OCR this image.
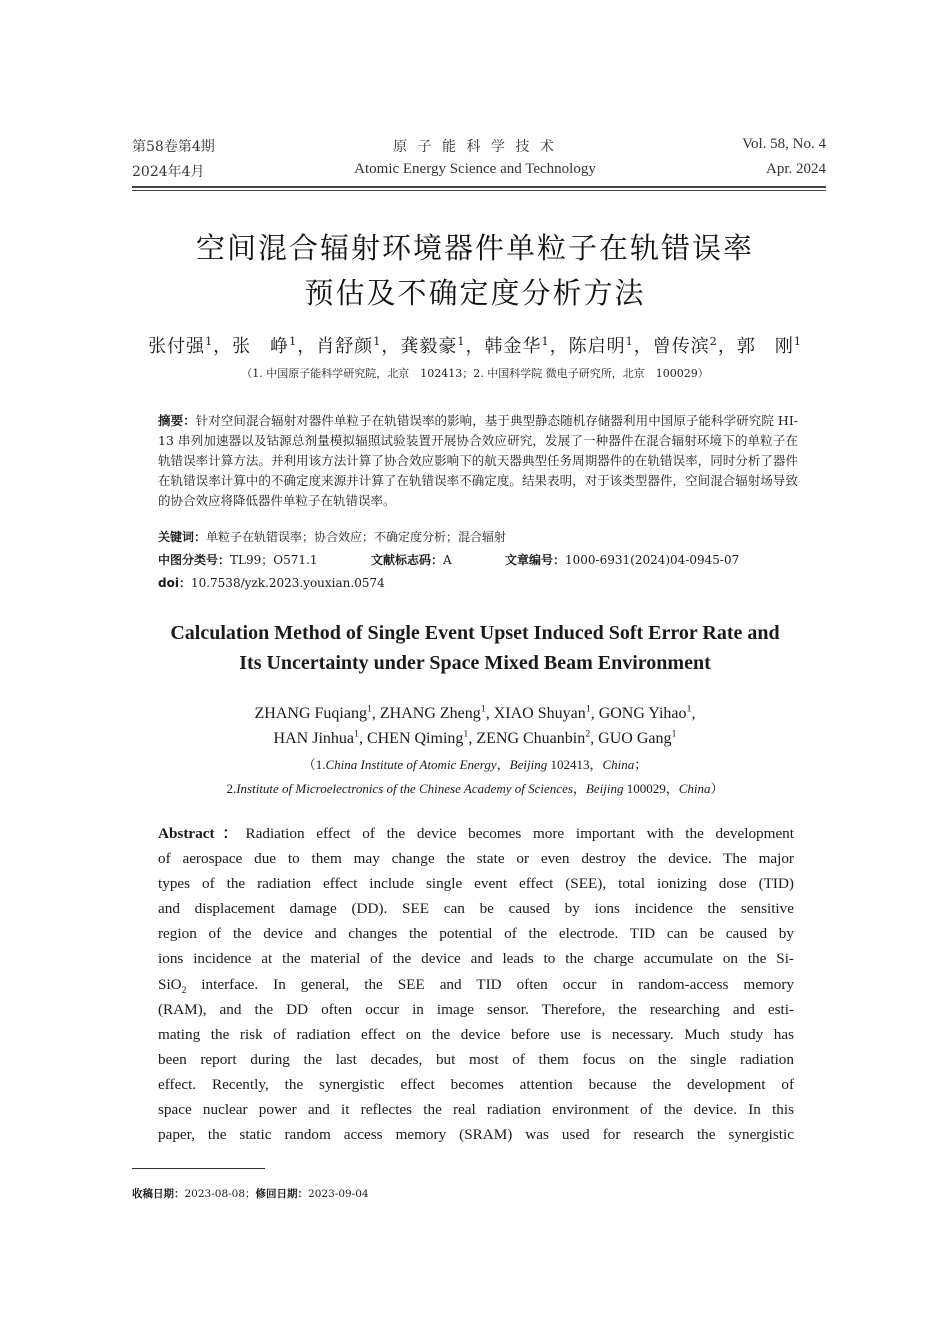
第58卷第4期
2024年4月
原 子 能 科 学 技 术
Atomic Energy Science and Technology
Vol. 58, No. 4
Apr. 2024
空间混合辐射环境器件单粒子在轨错误率
预估及不确定度分析方法
张付强$^1$，张　峥$^1$，肖舒颜$^1$，龚毅豪$^1$，韩金华$^1$，陈启明$^1$，曾传滨$^2$，郭　刚$^1$
（1. 中国原子能科学研究院，北京　102413；2. 中国科学院 微电子研究所，北京　100029）
摘要：针对空间混合辐射对器件单粒子在轨错误率的影响，基于典型静态随机存储器利用中国原子能科学研究院 HI-13 串列加速器以及钴源总剂量模拟辐照试验装置开展协合效应研究，发展了一种器件在混合辐射环境下的单粒子在轨错误率计算方法。并利用该方法计算了协合效应影响下的航天器典型任务周期器件的在轨错误率，同时分析了器件在轨错误率计算中的不确定度来源并计算了在轨错误率不确定度。结果表明，对于该类型器件，空间混合辐射场导致的协合效应将降低器件单粒子在轨错误率。
关键词：单粒子在轨错误率；协合效应；不确定度分析；混合辐射
中图分类号：TL99；O571.1	文献标志码：A	文章编号：1000-6931(2024)04-0945-07
doi：10.7538/yzk.2023.youxian.0574
Calculation Method of Single Event Upset Induced Soft Error Rate and
Its Uncertainty under Space Mixed Beam Environment
ZHANG Fuqiang$^1$, ZHANG Zheng$^1$, XIAO Shuyan$^1$, GONG Yihao$^1$,
HAN Jinhua$^1$, CHEN Qiming$^1$, ZENG Chuanbin$^2$, GUO Gang$^1$
（1.China Institute of Atomic Energy，Beijing 102413，China；
2.Institute of Microelectronics of the Chinese Academy of Sciences，Beijing 100029，China）
Abstract：Radiation effect of the device becomes more important with the development
of aerospace due to them may change the state or even destroy the device. The major
types of the radiation effect include single event effect (SEE), total ionizing dose (TID)
and displacement damage (DD). SEE can be caused by ions incidence the sensitive
region of the device and changes the potential of the electrode. TID can be caused by
ions incidence at the material of the device and leads to the charge accumulate on the Si-
SiO$_2$ interface. In general, the SEE and TID often occur in random-access memory
(RAM), and the DD often occur in image sensor. Therefore, the researching and esti-
mating the risk of radiation effect on the device before use is necessary. Much study has
been report during the last decades, but most of them focus on the single radiation
effect. Recently, the synergistic effect becomes attention because the development of
space nuclear power and it reflectes the real radiation environment of the device. In this
paper, the static random access memory (SRAM) was used for research the synergistic
收稿日期：2023-08-08；修回日期：2023-09-04
